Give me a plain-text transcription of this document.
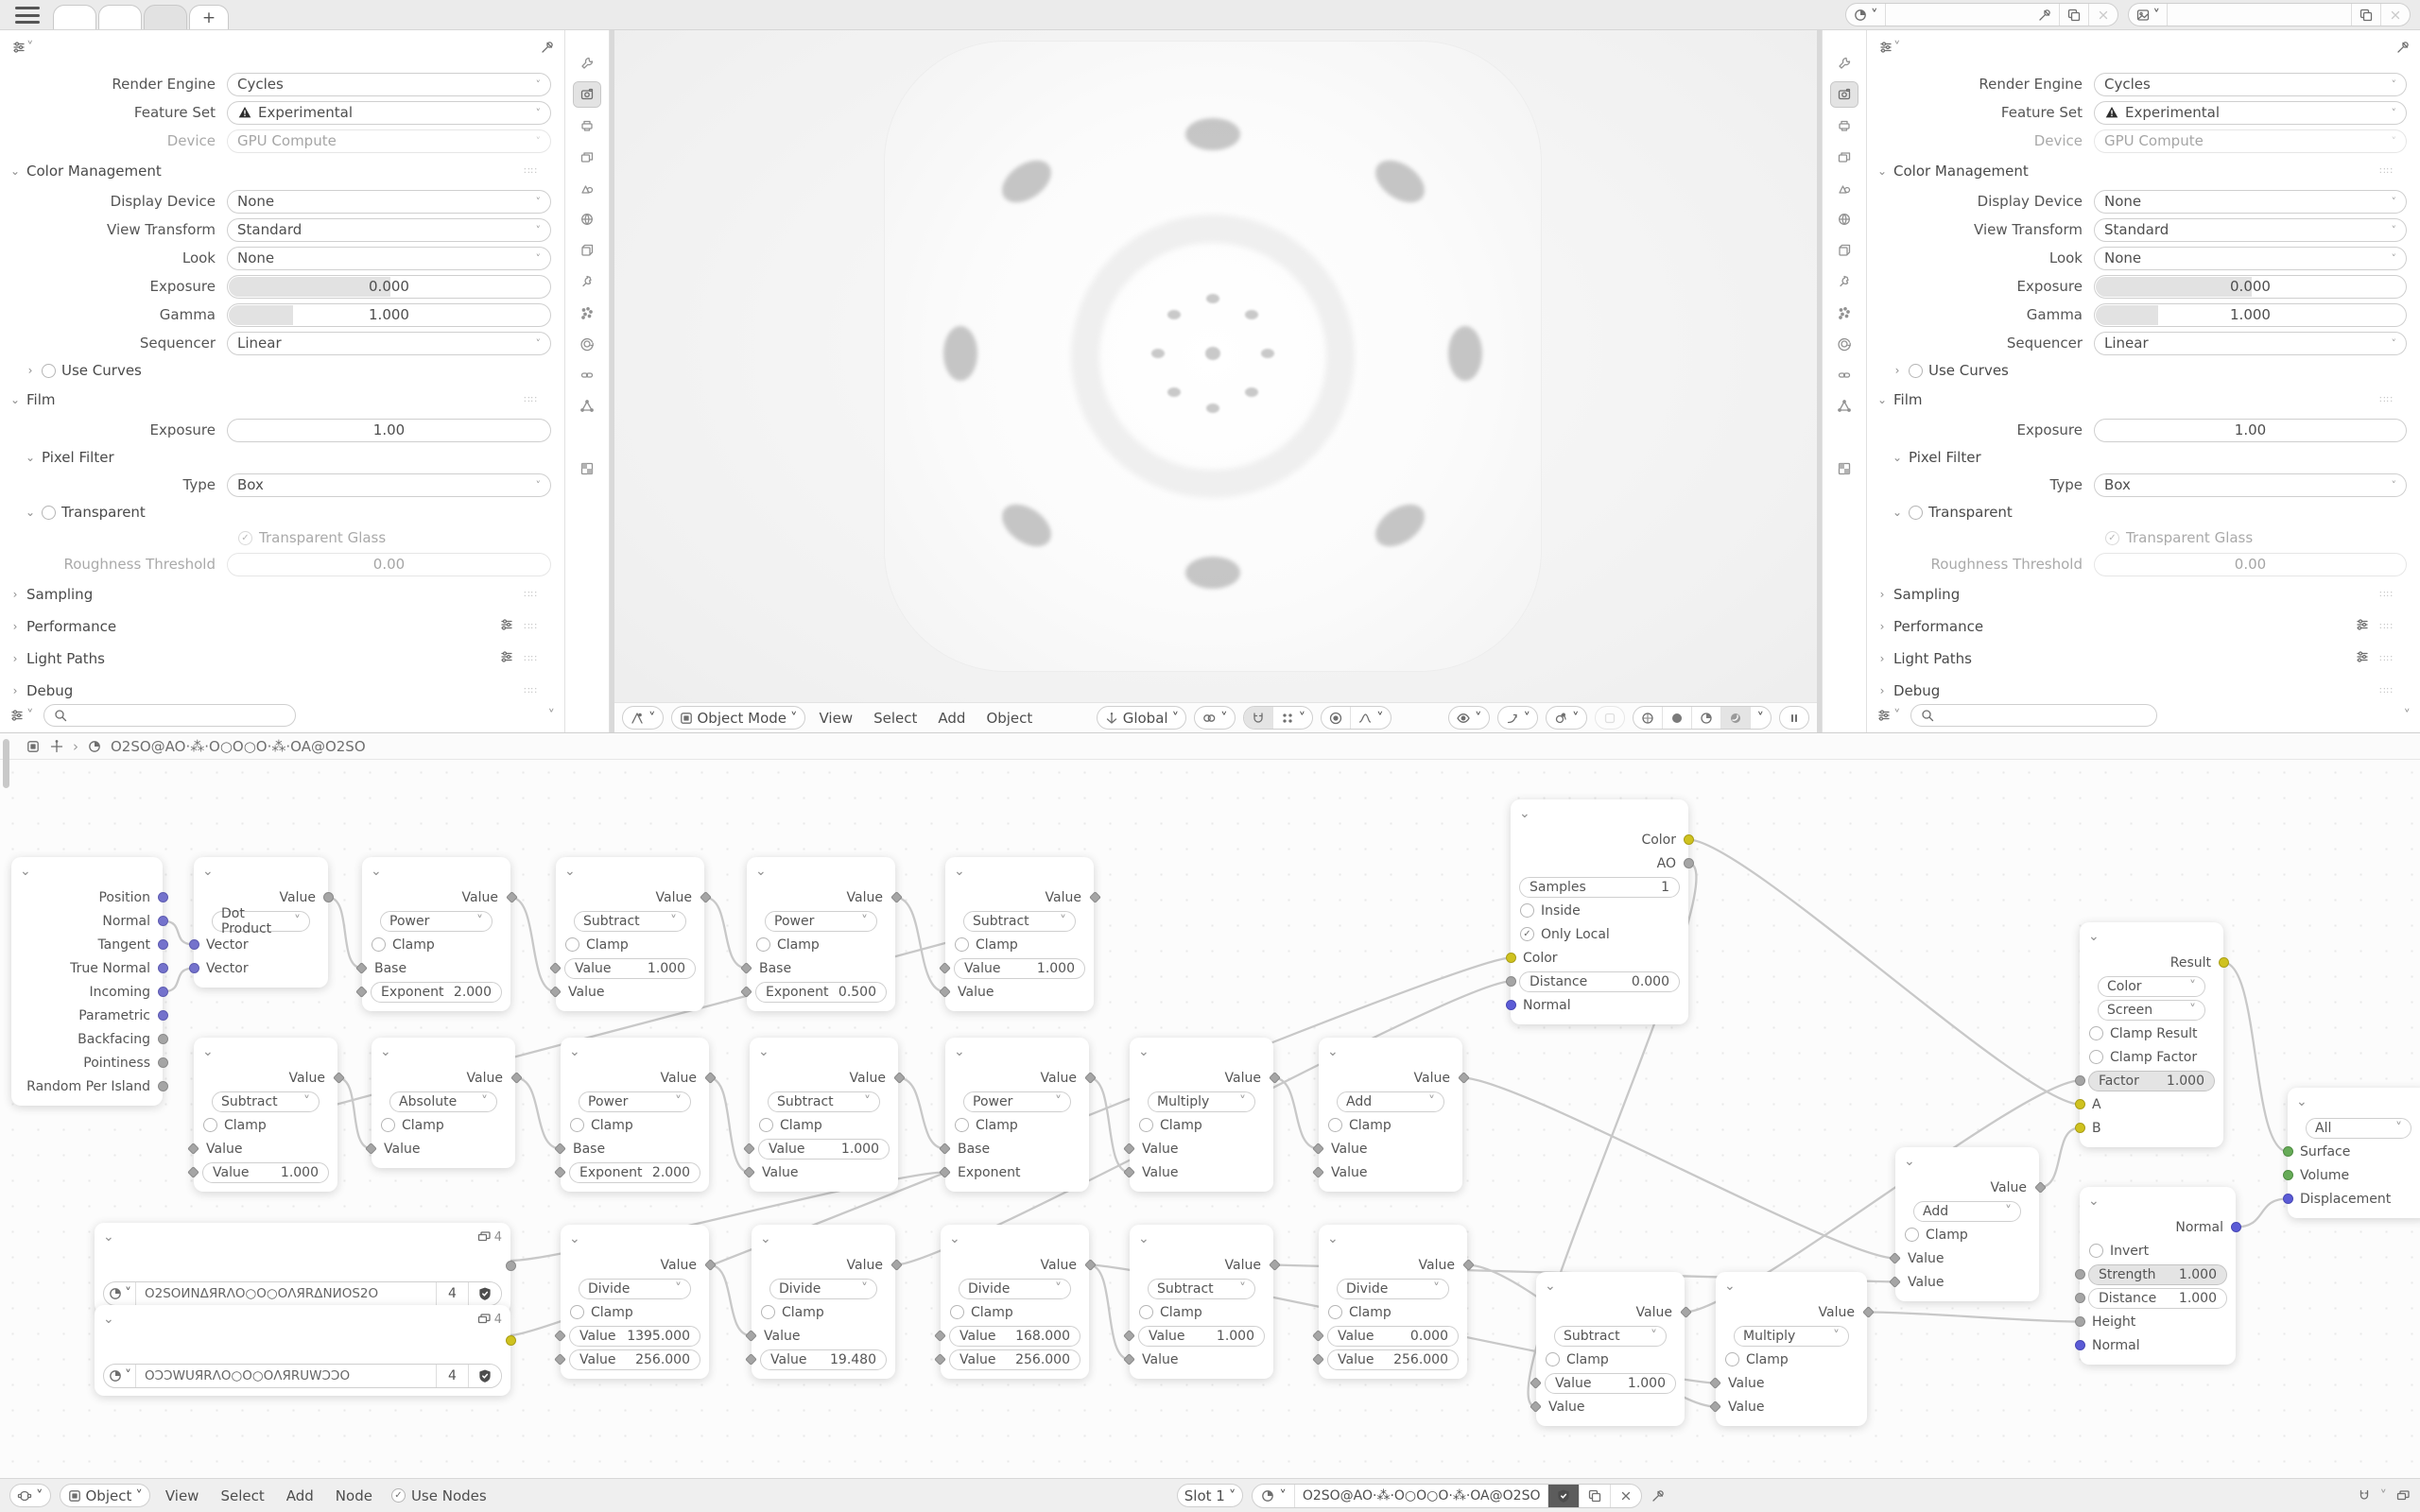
+	˅	˅
˅
Render Engine	Cycles	˅
Feature Set	Experimental	˅
Device	GPU Compute	˅
⌄ Color Management	∷∷
Display Device	None	˅
View Transform	Standard	˅
Look	None	˅
Exposure	0.000
Gamma	1.000
Sequencer	Linear	˅
› Use Curves
⌄ Film	∷∷
Exposure	1.00
⌄ Pixel Filter
Type	Box	˅
⌄ Transparent
✓ Transparent Glass
Roughness Threshold	0.00
› Sampling	∷∷
› Performance	∷∷
› Light Paths	∷∷
› Debug	∷∷
˅	˅	˅	Object Mode ˅	View	Select	Add	Object	Global ˅	˅	˅	˅	˅	˅	˅	˅
˅
Render Engine	Cycles	˅
Feature Set	Experimental	˅
Device	GPU Compute	˅
⌄ Color Management	∷∷
Display Device	None	˅
View Transform	Standard	˅
Look	None	˅
Exposure	0.000
Gamma	1.000
Sequencer	Linear	˅
› Use Curves
⌄ Film	∷∷
Exposure	1.00
⌄ Pixel Filter
Type	Box	˅
⌄ Transparent
✓ Transparent Glass
Roughness Threshold	0.00
› Sampling	∷∷
› Performance	∷∷
› Light Paths	∷∷
› Debug	∷∷
˅	˅
› O2SO@AO·⁂·O○O○O·⁂·OA@O2SO
⌄
Position
Normal
Tangent
True Normal
Incoming
Parametric
Backfacing
Pointiness
Random Per Island
⌄
Value
Dot Product	˅
Vector
Vector
⌄
Value
Power	˅
Clamp
Base
Exponent 2.000
⌄
Value
Subtract	˅
Clamp
Value	1.000
Value
⌄
Value
Power	˅
Clamp
Base
Exponent 0.500
⌄
Value
Subtract	˅
Clamp
Value	1.000
Value
⌄
Value
Subtract	˅
Clamp
Value
Value 1.000
⌄
Value
Absolute	˅
Clamp
Value
⌄
Value
Power	˅
Clamp
Base
Exponent 2.000
⌄
Value
Subtract	˅
Clamp
Value	1.000
Value
⌄
Value
Power	˅
Clamp
Base
Exponent
⌄
Value
Multiply	˅
Clamp
Value
Value
⌄
Value
Add	˅
Clamp
Value
Value
⌄
Color
AO
Samples	1
Inside
✓ Only Local
Color
Distance	0.000
Normal
⌄	4
˅ O2SOИNΔЯRΛO○O○OΛЯRΔNИOS2O	4
⌄	4
˅ OƆƆWUЯRΛO○O○OΛЯRUWƆƆO	4
⌄
Value
Divide	˅
Clamp
Value 1395.000
Value 256.000
⌄
Value
Divide	˅
Clamp
Value
Value 19.480
⌄
Value
Divide	˅
Clamp
Value 168.000
Value 256.000
⌄
Value
Subtract	˅
Clamp
Value 1.000
Value
⌄
Value
Divide	˅
Clamp
Value	0.000
Value 256.000
⌄
Value
Subtract	˅
Clamp
Value	1.000
Value
⌄
Value
Multiply	˅
Clamp
Value
Value
⌄
Value
Add	˅
Clamp
Value
Value
⌄
Result
Color	˅
Screen	˅
Clamp Result
Clamp Factor
Factor 1.000
A
B
⌄
Normal
Invert
Strength 1.000
Distance 1.000
Height
Normal
⌄
All	˅
Surface
Volume
Displacement
˅	Object ˅	View	Select	Add	Node	✓ Use Nodes	Slot 1 ˅	˅ O2SO@AO·⁂·O○O○O·⁂·OA@O2SO	˅
